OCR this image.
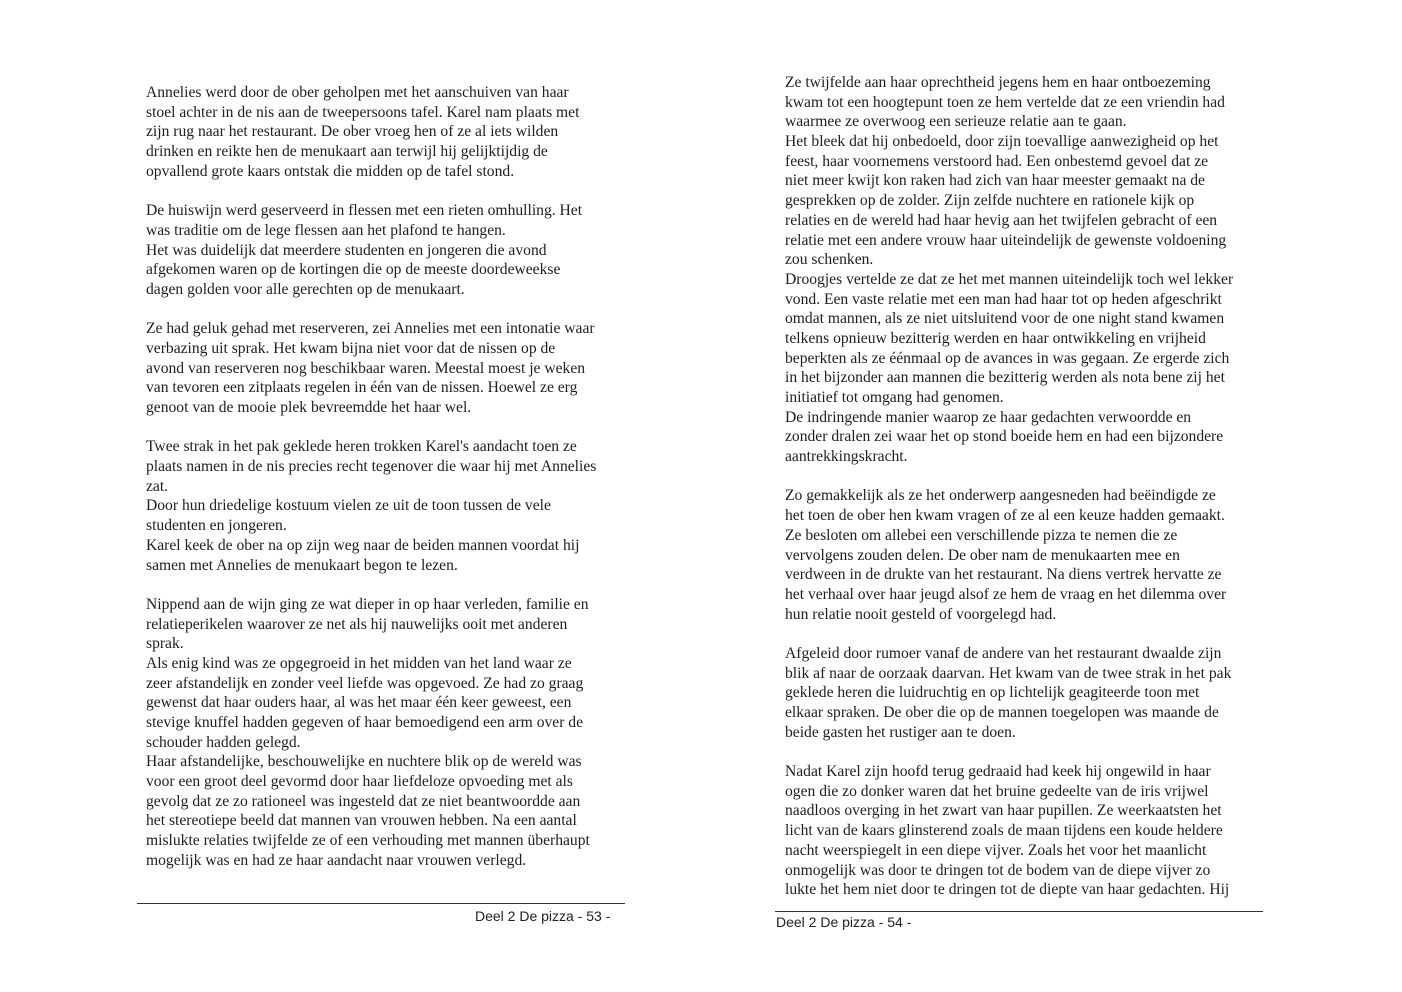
Annelies werd door de ober geholpen met het aanschuiven van haar
stoel achter in de nis aan de tweepersoons tafel. Karel nam plaats met
zijn rug naar het restaurant. De ober vroeg hen of ze al iets wilden
drinken en reikte hen de menukaart aan terwijl hij gelijktijdig de
opvallend grote kaars ontstak die midden op de tafel stond.
De huiswijn werd geserveerd in flessen met een rieten omhulling. Het
was traditie om de lege flessen aan het plafond te hangen.
Het was duidelijk dat meerdere studenten en jongeren die avond
afgekomen waren op de kortingen die op de meeste doordeweekse
dagen golden voor alle gerechten op de menukaart.
Ze had geluk gehad met reserveren, zei Annelies met een intonatie waar
verbazing uit sprak. Het kwam bijna niet voor dat de nissen op de
avond van reserveren nog beschikbaar waren. Meestal moest je weken
van tevoren een zitplaats regelen in één van de nissen. Hoewel ze erg
genoot van de mooie plek bevreemdde het haar wel.
Twee strak in het pak geklede heren trokken Karel's aandacht toen ze
plaats namen in de nis precies recht tegenover die waar hij met Annelies
zat.
Door hun driedelige kostuum vielen ze uit de toon tussen de vele
studenten en jongeren.
Karel keek de ober na op zijn weg naar de beiden mannen voordat hij
samen met Annelies de menukaart begon te lezen.
Nippend aan de wijn ging ze wat dieper in op haar verleden, familie en
relatieperikelen waarover ze net als hij nauwelijks ooit met anderen
sprak.
Als enig kind was ze opgegroeid in het midden van het land waar ze
zeer afstandelijk en zonder veel liefde was opgevoed. Ze had zo graag
gewenst dat haar ouders haar, al was het maar één keer geweest, een
stevige knuffel hadden gegeven of haar bemoedigend een arm over de
schouder hadden gelegd.
Haar afstandelijke, beschouwelijke en nuchtere blik op de wereld was
voor een groot deel gevormd door haar liefdeloze opvoeding met als
gevolg dat ze zo rationeel was ingesteld dat ze niet beantwoordde aan
het stereotiepe beeld dat mannen van vrouwen hebben. Na een aantal
mislukte relaties twijfelde ze of een verhouding met mannen überhaupt
mogelijk was en had ze haar aandacht naar vrouwen verlegd.
Deel 2 De pizza - 53 -
Ze twijfelde aan haar oprechtheid jegens hem en haar ontboezeming
kwam tot een hoogtepunt toen ze hem vertelde dat ze een vriendin had
waarmee ze overwoog een serieuze relatie aan te gaan.
Het bleek dat hij onbedoeld, door zijn toevallige aanwezigheid op het
feest, haar voornemens verstoord had. Een onbestemd gevoel dat ze
niet meer kwijt kon raken had zich van haar meester gemaakt na de
gesprekken op de zolder. Zijn zelfde nuchtere en rationele kijk op
relaties en de wereld had haar hevig aan het twijfelen gebracht of een
relatie met een andere vrouw haar uiteindelijk de gewenste voldoening
zou schenken.
Droogjes vertelde ze dat ze het met mannen uiteindelijk toch wel lekker
vond. Een vaste relatie met een man had haar tot op heden afgeschrikt
omdat mannen, als ze niet uitsluitend voor de one night stand kwamen
telkens opnieuw bezitterig werden en haar ontwikkeling en vrijheid
beperkten als ze éénmaal op de avances in was gegaan. Ze ergerde zich
in het bijzonder aan mannen die bezitterig werden als nota bene zij het
initiatief tot omgang had genomen.
De indringende manier waarop ze haar gedachten verwoordde en
zonder dralen zei waar het op stond boeide hem en had een bijzondere
aantrekkingskracht.
Zo gemakkelijk als ze het onderwerp aangesneden had beëindigde ze
het toen de ober hen kwam vragen of ze al een keuze hadden gemaakt.
Ze besloten om allebei een verschillende pizza te nemen die ze
vervolgens zouden delen. De ober nam de menukaarten mee en
verdween in de drukte van het restaurant. Na diens vertrek hervatte ze
het verhaal over haar jeugd alsof ze hem de vraag en het dilemma over
hun relatie nooit gesteld of voorgelegd had.
Afgeleid door rumoer vanaf de andere van het restaurant dwaalde zijn
blik af naar de oorzaak daarvan. Het kwam van de twee strak in het pak
geklede heren die luidruchtig en op lichtelijk geagiteerde toon met
elkaar spraken. De ober die op de mannen toegelopen was maande de
beide gasten het rustiger aan te doen.
Nadat Karel zijn hoofd terug gedraaid had keek hij ongewild in haar
ogen die zo donker waren dat het bruine gedeelte van de iris vrijwel
naadloos overging in het zwart van haar pupillen. Ze weerkaatsten het
licht van de kaars glinsterend zoals de maan tijdens een koude heldere
nacht weerspiegelt in een diepe vijver. Zoals het voor het maanlicht
onmogelijk was door te dringen tot de bodem van de diepe vijver zo
lukte het hem niet door te dringen tot de diepte van haar gedachten. Hij
Deel 2 De pizza - 54 -
